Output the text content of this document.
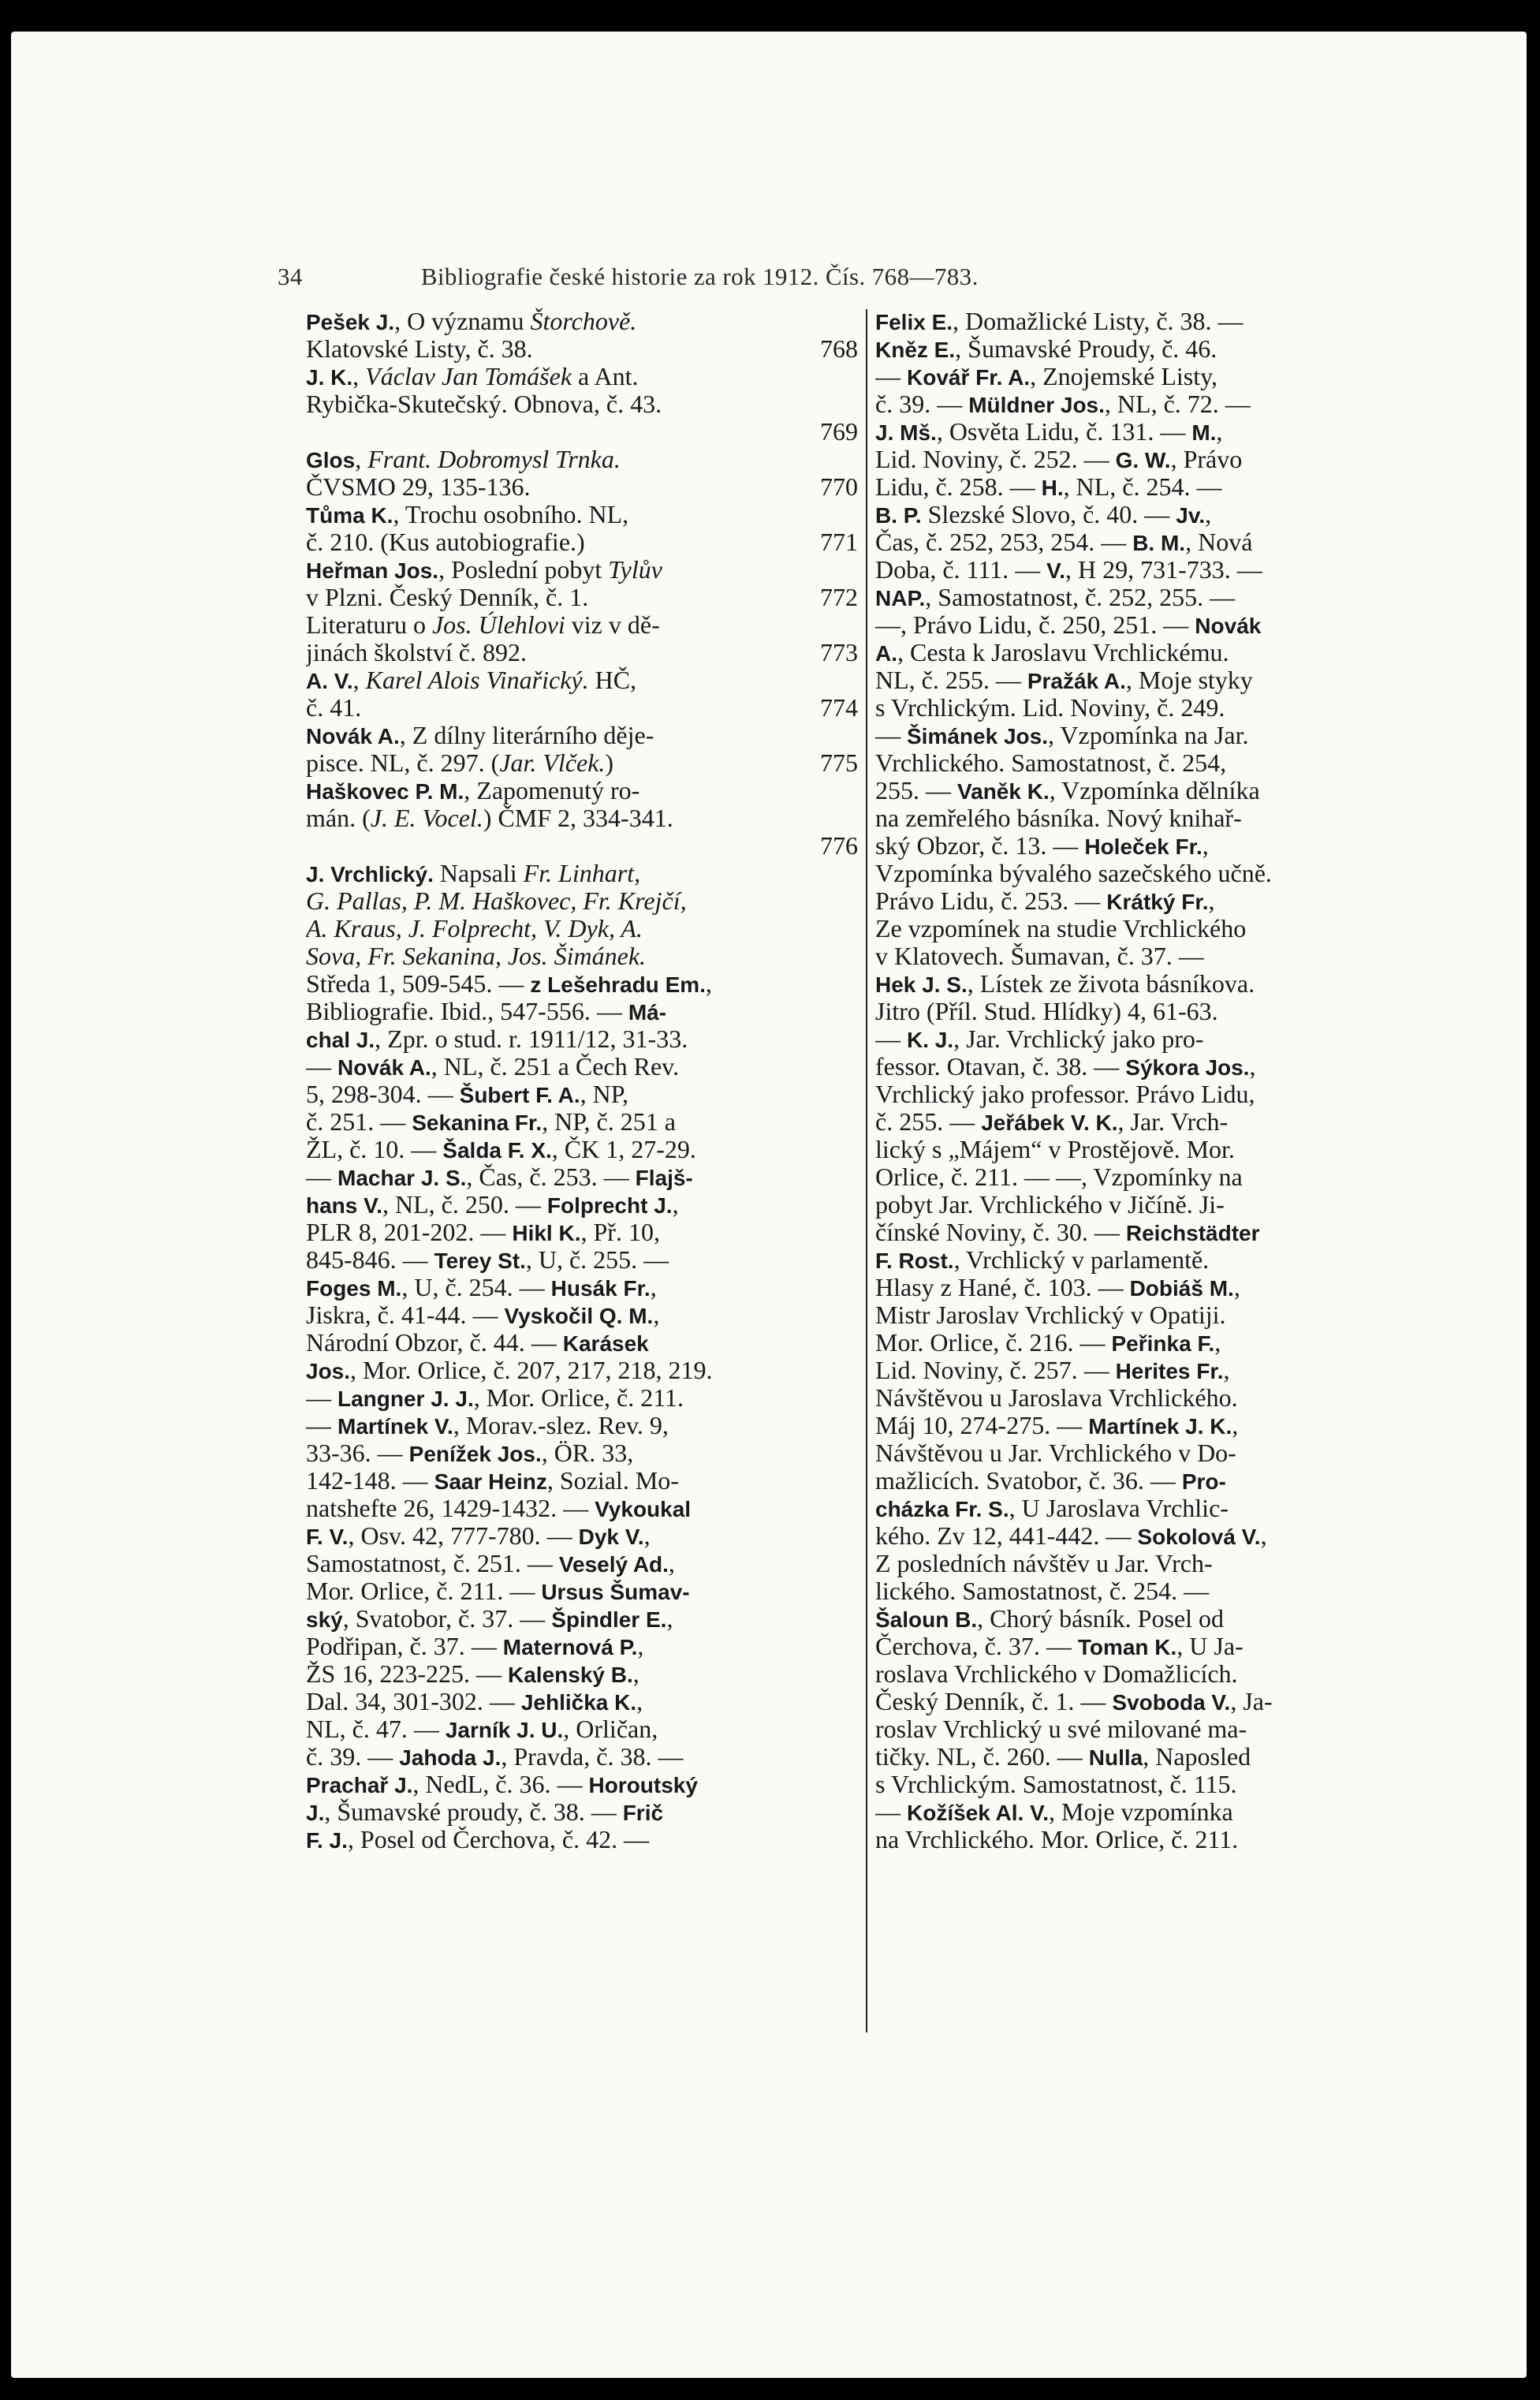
34	Bibliografie české historie za rok 1912. Čís. 768—783.
Pešek J., O významu Štorchově.
Klatovské Listy, č. 38.	768
J. K., Václav Jan Tomášek a Ant.
Rybička-Skutečský. Obnova, č. 43.
769
Glos, Frant. Dobromysl Trnka.
ČVSMO 29, 135-136.	770
Tůma K., Trochu osobního. NL,
č. 210. (Kus autobiografie.)	771
Heřman Jos., Poslední pobyt Tylův
v Plzni. Český Denník, č. 1.	772
Literaturu o Jos. Úlehlovi viz v dě-
jinách školství č. 892.	773
A. V., Karel Alois Vinařický. HČ,
č. 41.	774
Novák A., Z dílny literárního děje-
pisce. NL, č. 297. (Jar. Vlček.)	775
Haškovec P. M., Zapomenutý ro-
mán. (J. E. Vocel.) ČMF 2, 334-341.
776
J. Vrchlický. Napsali Fr. Linhart,
G. Pallas, P. M. Haškovec, Fr. Krejčí,
A. Kraus, J. Folprecht, V. Dyk, A.
Sova, Fr. Sekanina, Jos. Šimánek.
Středa 1, 509-545. — z Lešehradu Em.,
Bibliografie. Ibid., 547-556. — Má-
chal J., Zpr. o stud. r. 1911/12, 31-33.
— Novák A., NL, č. 251 a Čech Rev.
5, 298-304. — Šubert F. A., NP,
č. 251. — Sekanina Fr., NP, č. 251 a
ŽL, č. 10. — Šalda F. X., ČK 1, 27-29.
— Machar J. S., Čas, č. 253. — Flajš-
hans V., NL, č. 250. — Folprecht J.,
PLR 8, 201-202. — Hikl K., Př. 10,
845-846. — Terey St., U, č. 255. —
Foges M., U, č. 254. — Husák Fr.,
Jiskra, č. 41-44. — Vyskočil Q. M.,
Národní Obzor, č. 44. — Karásek
Jos., Mor. Orlice, č. 207, 217, 218, 219.
— Langner J. J., Mor. Orlice, č. 211.
— Martínek V., Morav.-slez. Rev. 9,
33-36. — Penížek Jos., ÖR. 33,
142-148. — Saar Heinz, Sozial. Mo-
natshefte 26, 1429-1432. — Vykoukal
F. V., Osv. 42, 777-780. — Dyk V.,
Samostatnost, č. 251. — Veselý Ad.,
Mor. Orlice, č. 211. — Ursus Šumav-
ský, Svatobor, č. 37. — Špindler E.,
Podřipan, č. 37. — Maternová P.,
ŽS 16, 223-225. — Kalenský B.,
Dal. 34, 301-302. — Jehlička K.,
NL, č. 47. — Jarník J. U., Orličan,
č. 39. — Jahoda J., Pravda, č. 38. —
Prachař J., NedL, č. 36. — Horoutský
J., Šumavské proudy, č. 38. — Frič
F. J., Posel od Čerchova, č. 42. —
Felix E., Domažlické Listy, č. 38. —
Kněz E., Šumavské Proudy, č. 46.
— Kovář Fr. A., Znojemské Listy,
č. 39. — Müldner Jos., NL, č. 72. —
J. Mš., Osvěta Lidu, č. 131. — M.,
Lid. Noviny, č. 252. — G. W., Právo
Lidu, č. 258. — H., NL, č. 254. —
B. P. Slezské Slovo, č. 40. — Jv.,
Čas, č. 252, 253, 254. — B. M., Nová
Doba, č. 111. — V., H 29, 731-733. —
NAP., Samostatnost, č. 252, 255. —
—, Právo Lidu, č. 250, 251. — Novák
A., Cesta k Jaroslavu Vrchlickému.
NL, č. 255. — Pražák A., Moje styky
s Vrchlickým. Lid. Noviny, č. 249.
— Šimánek Jos., Vzpomínka na Jar.
Vrchlického. Samostatnost, č. 254,
255. — Vaněk K., Vzpomínka dělníka
na zemřelého básníka. Nový knihař-
ský Obzor, č. 13. — Holeček Fr.,
Vzpomínka bývalého sazečského učně.
Právo Lidu, č. 253. — Krátký Fr.,
Ze vzpomínek na studie Vrchlického
v Klatovech. Šumavan, č. 37. —
Hek J. S., Lístek ze života básníkova.
Jitro (Příl. Stud. Hlídky) 4, 61-63.
— K. J., Jar. Vrchlický jako pro-
fessor. Otavan, č. 38. — Sýkora Jos.,
Vrchlický jako professor. Právo Lidu,
č. 255. — Jeřábek V. K., Jar. Vrch-
lický s „Májem“ v Prostějově. Mor.
Orlice, č. 211. — —, Vzpomínky na
pobyt Jar. Vrchlického v Jičíně. Ji-
čínské Noviny, č. 30. — Reichstädter
F. Rost., Vrchlický v parlamentě.
Hlasy z Hané, č. 103. — Dobiáš M.,
Mistr Jaroslav Vrchlický v Opatiji.
Mor. Orlice, č. 216. — Peřinka F.,
Lid. Noviny, č. 257. — Herites Fr.,
Návštěvou u Jaroslava Vrchlického.
Máj 10, 274-275. — Martínek J. K.,
Návštěvou u Jar. Vrchlického v Do-
mažlicích. Svatobor, č. 36. — Pro-
cházka Fr. S., U Jaroslava Vrchlic-
kého. Zv 12, 441-442. — Sokolová V.,
Z posledních návštěv u Jar. Vrch-
lického. Samostatnost, č. 254. —
Šaloun B., Chorý básník. Posel od
Čerchova, č. 37. — Toman K., U Ja-
roslava Vrchlického v Domažlicích.
Český Denník, č. 1. — Svoboda V., Ja-
roslav Vrchlický u své milované ma-
tičky. NL, č. 260. — Nulla, Naposled
s Vrchlickým. Samostatnost, č. 115.
— Kožíšek Al. V., Moje vzpomínka
na Vrchlického. Mor. Orlice, č. 211.
